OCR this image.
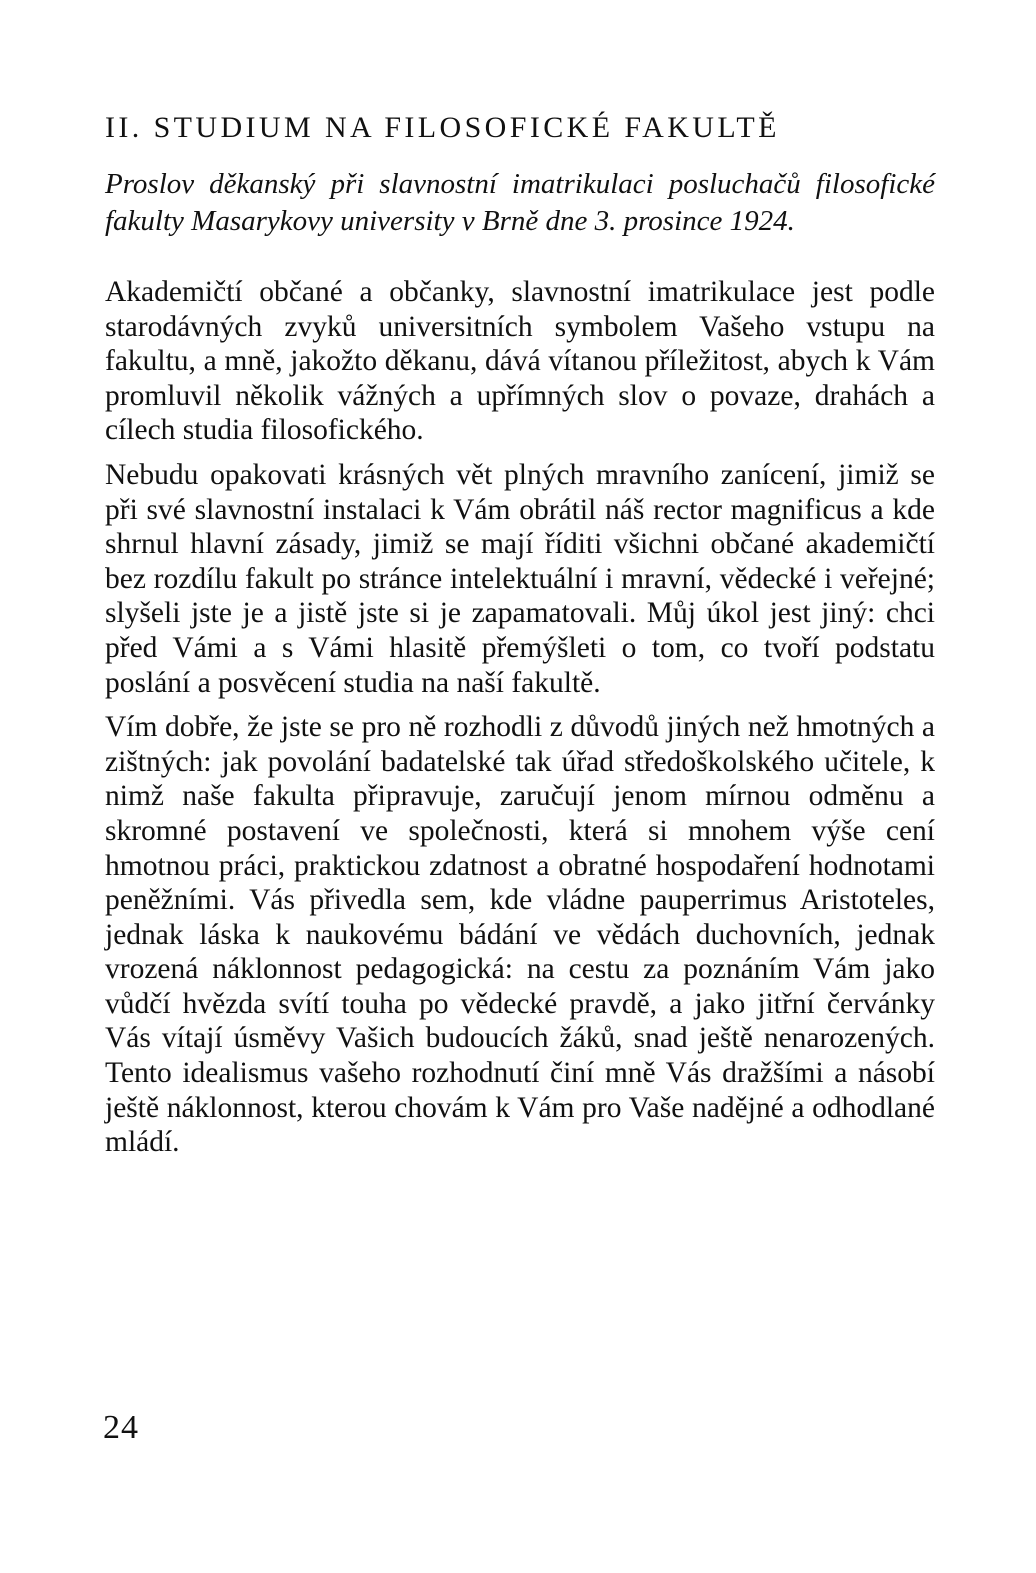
II. STUDIUM NA FILOSOFICKÉ FAKULTĚ

Proslov děkanský při slavnostní imatrikulaci posluchačů filosofické fakulty Masarykovy university v Brně dne 3. prosince 1924.

Akademičtí občané a občanky, slavnostní imatrikulace jest podle starodávných zvyků universitních symbolem Vašeho vstupu na fakultu, a mně, jakožto děkanu, dává vítanou příležitost, abych k Vám promluvil několik vážných a upřímných slov o povaze, drahách a cílech studia filosofického.

Nebudu opakovati krásných vět plných mravního zanícení, jimiž se při své slavnostní instalaci k Vám obrátil náš rector magnificus a kde shrnul hlavní zásady, jimiž se mají říditi všichni občané akademičtí bez rozdílu fakult po stránce intelektuální i mravní, vědecké i veřejné; slyšeli jste je a jistě jste si je zapamatovali. Můj úkol jest jiný: chci před Vámi a s Vámi hlasitě přemýšleti o tom, co tvoří podstatu poslání a posvěcení studia na naší fakultě.

Vím dobře, že jste se pro ně rozhodli z důvodů jiných než hmotných a zištných: jak povolání badatelské tak úřad středoškolského učitele, k nimž naše fakulta připravuje, zaručují jenom mírnou odměnu a skromné postavení ve společnosti, která si mnohem výše cení hmotnou práci, praktickou zdatnost a obratné hospodaření hodnotami peněžními. Vás přivedla sem, kde vládne pauperrimus Aristoteles, jednak láska k naukovému bádání ve vědách duchovních, jednak vrozená náklonnost pedagogická: na cestu za poznáním Vám jako vůdčí hvězda svítí touha po vědecké pravdě, a jako jitřní červánky Vás vítají úsměvy Vašich budoucích žáků, snad ještě nenarozených. Tento idealismus vašeho rozhodnutí činí mně Vás dražšími a násobí ještě náklonnost, kterou chovám k Vám pro Vaše nadějné a odhodlané mládí.

24
